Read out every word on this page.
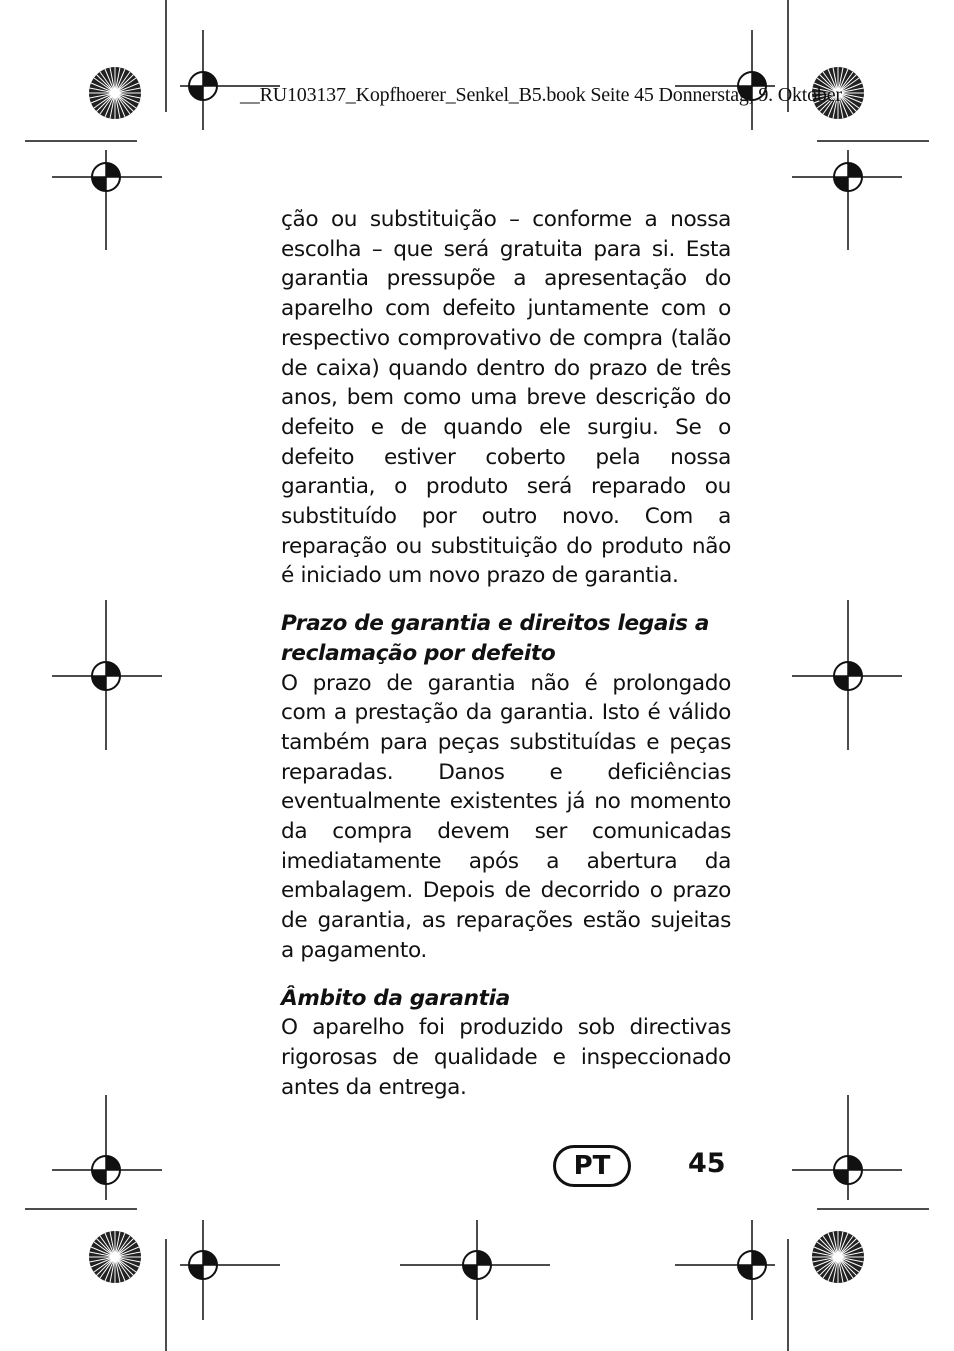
__RU103137_Kopfhoerer_Senkel_B5.book Seite 45 Donnerstag, 9. Oktober

ção ou substituição – conforme a nossa escolha – que será gratuita para si. Esta garantia pressupõe a apresentação do aparelho com defeito juntamente com o respectivo comprovativo de compra (talão de caixa) quando dentro do prazo de três anos, bem como uma breve descrição do defeito e de quando ele surgiu. Se o defeito estiver coberto pela nossa garantia, o produto será reparado ou substituído por outro novo. Com a reparação ou substituição do produto não é iniciado um novo prazo de garantia.

Prazo de garantia e direitos legais a reclamação por defeito

O prazo de garantia não é prolongado com a prestação da garantia. Isto é válido também para peças substituídas e peças reparadas. Danos e deficiências eventualmente existentes já no momento da compra devem ser comunicadas imediatamente após a abertura da embalagem. Depois de decorrido o prazo de garantia, as reparações estão sujeitas a pagamento.

Âmbito da garantia

O aparelho foi produzido sob directivas rigorosas de qualidade e inspeccionado antes da entrega.

PT	45
